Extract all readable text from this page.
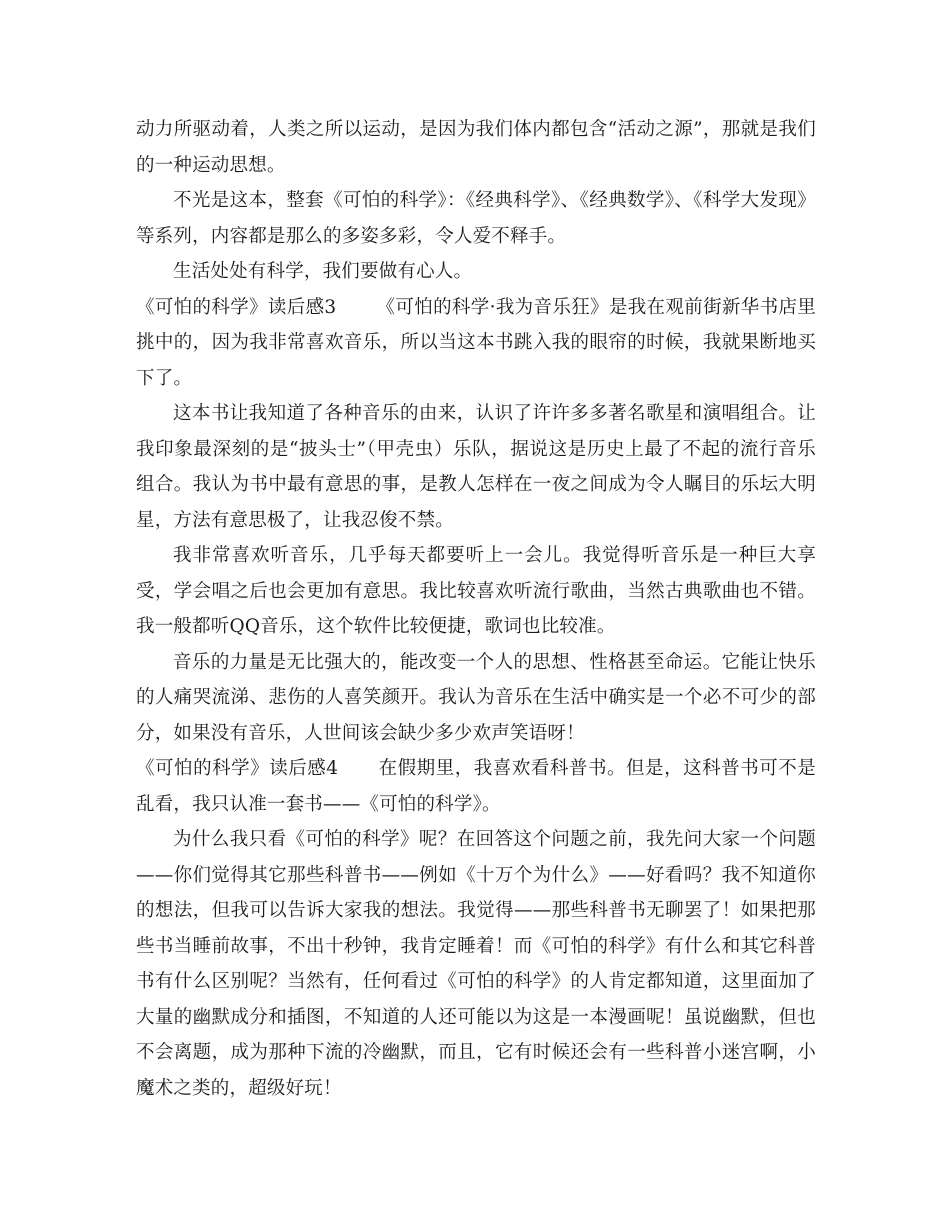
动力所驱动着，人类之所以运动，是因为我们体内都包含“活动之源”，那就是我们的一种运动思想。

不光是这本，整套《可怕的科学》：《经典科学》、《经典数学》、《科学大发现》等系列，内容都是那么的多姿多彩，令人爱不释手。

生活处处有科学，我们要做有心人。

《可怕的科学》读后感3 《可怕的科学·我为音乐狂》是我在观前街新华书店里挑中的，因为我非常喜欢音乐，所以当这本书跳入我的眼帘的时候，我就果断地买下了。

这本书让我知道了各种音乐的由来，认识了许许多多著名歌星和演唱组合。让我印象最深刻的是“披头士”（甲壳虫）乐队，据说这是历史上最了不起的流行音乐组合。我认为书中最有意思的事，是教人怎样在一夜之间成为令人瞩目的乐坛大明星，方法有意思极了，让我忍俊不禁。

我非常喜欢听音乐，几乎每天都要听上一会儿。我觉得听音乐是一种巨大享受，学会唱之后也会更加有意思。我比较喜欢听流行歌曲，当然古典歌曲也不错。我一般都听QQ音乐，这个软件比较便捷，歌词也比较准。

音乐的力量是无比强大的，能改变一个人的思想、性格甚至命运。它能让快乐的人痛哭流涕、悲伤的人喜笑颜开。我认为音乐在生活中确实是一个必不可少的部分，如果没有音乐，人世间该会缺少多少欢声笑语呀！

《可怕的科学》读后感4 在假期里，我喜欢看科普书。但是，这科普书可不是乱看，我只认准一套书——《可怕的科学》。

为什么我只看《可怕的科学》呢？在回答这个问题之前，我先问大家一个问题——你们觉得其它那些科普书——例如《十万个为什么》——好看吗？我不知道你的想法，但我可以告诉大家我的想法。我觉得——那些科普书无聊罢了！如果把那些书当睡前故事，不出十秒钟，我肯定睡着！而《可怕的科学》有什么和其它科普书有什么区别呢？当然有，任何看过《可怕的科学》的人肯定都知道，这里面加了大量的幽默成分和插图，不知道的人还可能以为这是一本漫画呢！虽说幽默，但也不会离题，成为那种下流的冷幽默，而且，它有时候还会有一些科普小迷宫啊，小魔术之类的，超级好玩！
